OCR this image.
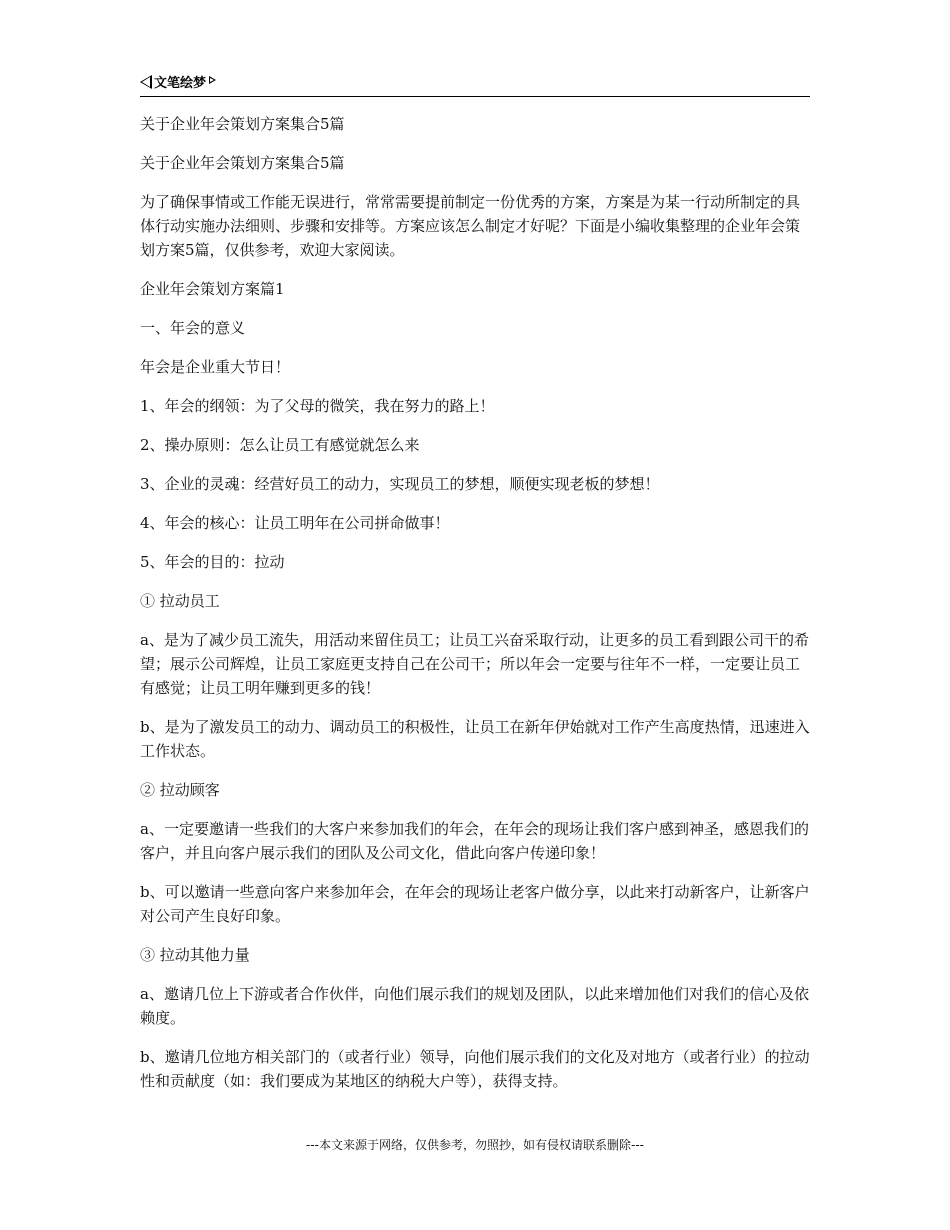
文笔绘梦

关于企业年会策划方案集合5篇

关于企业年会策划方案集合5篇

为了确保事情或工作能无误进行，常常需要提前制定一份优秀的方案，方案是为某一行动所制定的具体行动实施办法细则、步骤和安排等。方案应该怎么制定才好呢？下面是小编收集整理的企业年会策划方案5篇，仅供参考，欢迎大家阅读。

企业年会策划方案篇1

一、年会的意义

年会是企业重大节日！

1、年会的纲领：为了父母的微笑，我在努力的路上！

2、操办原则：怎么让员工有感觉就怎么来

3、企业的灵魂：经营好员工的动力，实现员工的梦想，顺便实现老板的梦想！

4、年会的核心：让员工明年在公司拼命做事！

5、年会的目的：拉动

① 拉动员工

a、是为了减少员工流失，用活动来留住员工；让员工兴奋采取行动，让更多的员工看到跟公司干的希望；展示公司辉煌，让员工家庭更支持自己在公司干；所以年会一定要与往年不一样，一定要让员工有感觉；让员工明年赚到更多的钱！

b、是为了激发员工的动力、调动员工的积极性，让员工在新年伊始就对工作产生高度热情，迅速进入工作状态。

② 拉动顾客

a、一定要邀请一些我们的大客户来参加我们的年会，在年会的现场让我们客户感到神圣，感恩我们的客户，并且向客户展示我们的团队及公司文化，借此向客户传递印象！

b、可以邀请一些意向客户来参加年会，在年会的现场让老客户做分享，以此来打动新客户，让新客户对公司产生良好印象。

③ 拉动其他力量

a、邀请几位上下游或者合作伙伴，向他们展示我们的规划及团队，以此来增加他们对我们的信心及依赖度。

b、邀请几位地方相关部门的（或者行业）领导，向他们展示我们的文化及对地方（或者行业）的拉动性和贡献度（如：我们要成为某地区的纳税大户等），获得支持。

---本文来源于网络，仅供参考，勿照抄，如有侵权请联系删除---
